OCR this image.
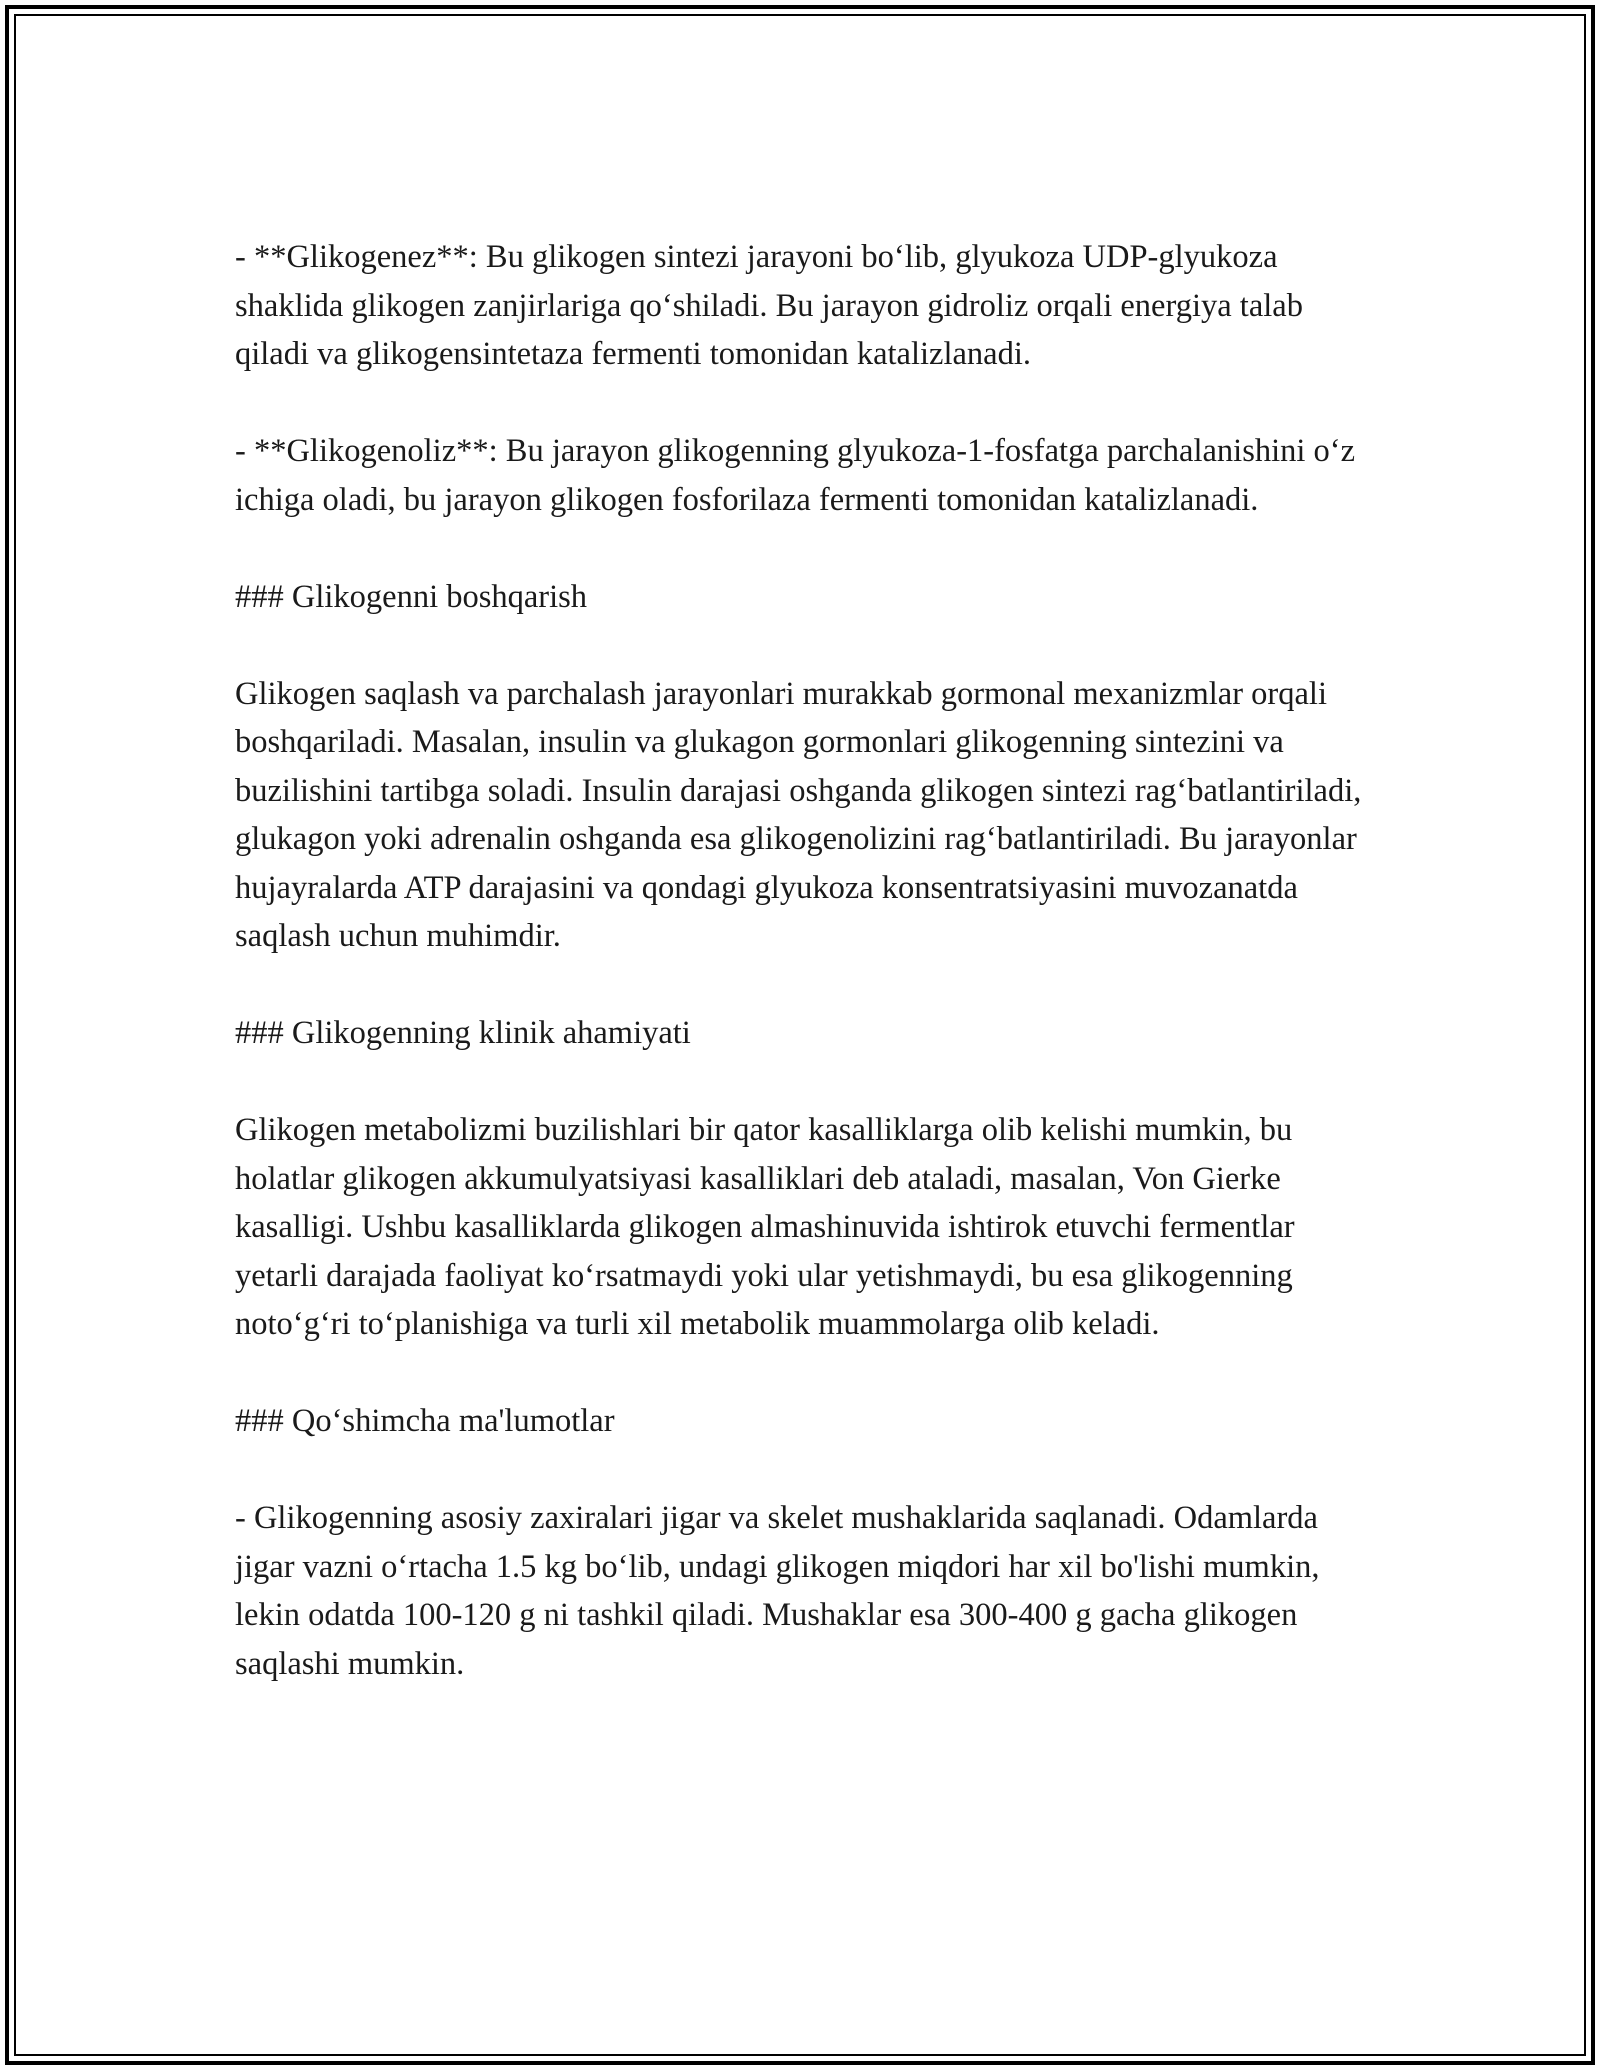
- **Glikogenez**: Bu glikogen sintezi jarayoni bo‘lib, glyukoza UDP-glyukoza shaklida glikogen zanjirlariga qo‘shiladi. Bu jarayon gidroliz orqali energiya talab qiladi va glikogensintetaza fermenti tomonidan katalizlanadi.

- **Glikogenoliz**: Bu jarayon glikogenning glyukoza-1-fosfatga parchalanishini o‘z ichiga oladi, bu jarayon glikogen fosforilaza fermenti tomonidan katalizlanadi.

### Glikogenni boshqarish

Glikogen saqlash va parchalash jarayonlari murakkab gormonal mexanizmlar orqali boshqariladi. Masalan, insulin va glukagon gormonlari glikogenning sintezini va buzilishini tartibga soladi. Insulin darajasi oshganda glikogen sintezi rag‘batlantiriladi, glukagon yoki adrenalin oshganda esa glikogenolizini rag‘batlantiriladi. Bu jarayonlar hujayralarda ATP darajasini va qondagi glyukoza konsentratsiyasini muvozanatda saqlash uchun muhimdir.

### Glikogenning klinik ahamiyati

Glikogen metabolizmi buzilishlari bir qator kasalliklarga olib kelishi mumkin, bu holatlar glikogen akkumulyatsiyasi kasalliklari deb ataladi, masalan, Von Gierke kasalligi. Ushbu kasalliklarda glikogen almashinuvida ishtirok etuvchi fermentlar yetarli darajada faoliyat ko‘rsatmaydi yoki ular yetishmaydi, bu esa glikogenning noto‘g‘ri to‘planishiga va turli xil metabolik muammolarga olib keladi.

### Qo‘shimcha ma'lumotlar

- Glikogenning asosiy zaxiralari jigar va skelet mushaklarida saqlanadi. Odamlarda jigar vazni o‘rtacha 1.5 kg bo‘lib, undagi glikogen miqdori har xil bo'lishi mumkin, lekin odatda 100-120 g ni tashkil qiladi. Mushaklar esa 300-400 g gacha glikogen saqlashi mumkin.
